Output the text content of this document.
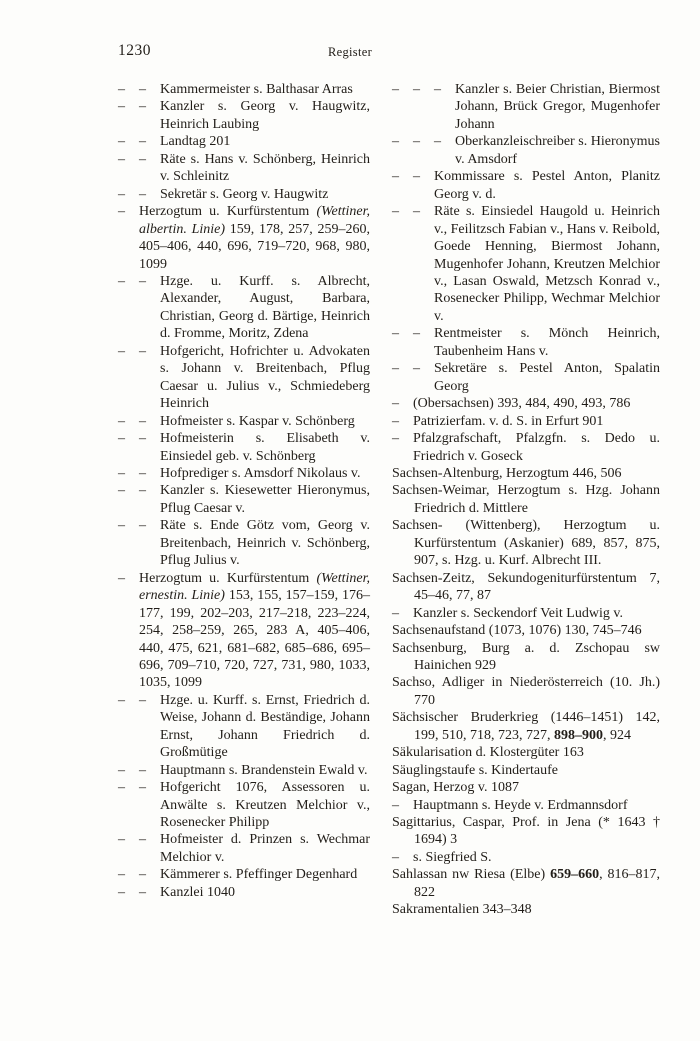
1230	Register

– – Kammermeister s. Balthasar Arras

– – Kanzler s. Georg v. Haugwitz, Heinrich Laubing

– – Landtag 201

– – Räte s. Hans v. Schönberg, Heinrich v. Schleinitz

– – Sekretär s. Georg v. Haugwitz

– Herzogtum u. Kurfürstentum (Wettiner, albertin. Linie) 159, 178, 257, 259–260, 405–406, 440, 696, 719–720, 968, 980, 1099

– – Hzge. u. Kurff. s. Albrecht, Alexander, August, Barbara, Christian, Georg d. Bärtige, Heinrich d. Fromme, Moritz, Zdena

– – Hofgericht, Hofrichter u. Advokaten s. Johann v. Breitenbach, Pflug Caesar u. Julius v., Schmiedeberg Heinrich

– – Hofmeister s. Kaspar v. Schönberg

– – Hofmeisterin s. Elisabeth v. Einsiedel geb. v. Schönberg

– – Hofprediger s. Amsdorf Nikolaus v.

– – Kanzler s. Kiesewetter Hieronymus, Pflug Caesar v.

– – Räte s. Ende Götz vom, Georg v. Breitenbach, Heinrich v. Schönberg, Pflug Julius v.

– Herzogtum u. Kurfürstentum (Wettiner, ernestin. Linie) 153, 155, 157–159, 176–177, 199, 202–203, 217–218, 223–224, 254, 258–259, 265, 283 A, 405–406, 440, 475, 621, 681–682, 685–686, 695–696, 709–710, 720, 727, 731, 980, 1033, 1035, 1099

– – Hzge. u. Kurff. s. Ernst, Friedrich d. Weise, Johann d. Beständige, Johann Ernst, Johann Friedrich d. Großmütige

– – Hauptmann s. Brandenstein Ewald v.

– – Hofgericht 1076, Assessoren u. Anwälte s. Kreutzen Melchior v., Rosenecker Philipp

– – Hofmeister d. Prinzen s. Wechmar Melchior v.

– – Kämmerer s. Pfeffinger Degenhard

– – Kanzlei 1040

– – – Kanzler s. Beier Christian, Biermost Johann, Brück Gregor, Mugenhofer Johann

– – – Oberkanzleischreiber s. Hieronymus v. Amsdorf

– – Kommissare s. Pestel Anton, Planitz Georg v. d.

– – Räte s. Einsiedel Haugold u. Heinrich v., Feilitzsch Fabian v., Hans v. Reibold, Goede Henning, Biermost Johann, Mugenhofer Johann, Kreutzen Melchior v., Lasan Oswald, Metzsch Konrad v., Rosenecker Philipp, Wechmar Melchior v.

– – Rentmeister s. Mönch Heinrich, Taubenheim Hans v.

– – Sekretäre s. Pestel Anton, Spalatin Georg

– (Obersachsen) 393, 484, 490, 493, 786

– Patrizierfam. v. d. S. in Erfurt 901

– Pfalzgrafschaft, Pfalzgfn. s. Dedo u. Friedrich v. Goseck

Sachsen-Altenburg, Herzogtum 446, 506

Sachsen-Weimar, Herzogtum s. Hzg. Johann Friedrich d. Mittlere

Sachsen- (Wittenberg), Herzogtum u. Kurfürstentum (Askanier) 689, 857, 875, 907, s. Hzg. u. Kurf. Albrecht III.

Sachsen-Zeitz, Sekundogeniturfürstentum 7, 45–46, 77, 87

– Kanzler s. Seckendorf Veit Ludwig v.

Sachsenaufstand (1073, 1076) 130, 745–746

Sachsenburg, Burg a. d. Zschopau sw Hainichen 929

Sachso, Adliger in Niederösterreich (10. Jh.) 770

Sächsischer Bruderkrieg (1446–1451) 142, 199, 510, 718, 723, 727, 898–900, 924

Säkularisation d. Klostergüter 163

Säuglingstaufe s. Kindertaufe

Sagan, Herzog v. 1087

– Hauptmann s. Heyde v. Erdmannsdorf

Sagittarius, Caspar, Prof. in Jena (* 1643 † 1694) 3

– s. Siegfried S.

Sahlassan nw Riesa (Elbe) 659–660, 816–817, 822

Sakramentalien 343–348
